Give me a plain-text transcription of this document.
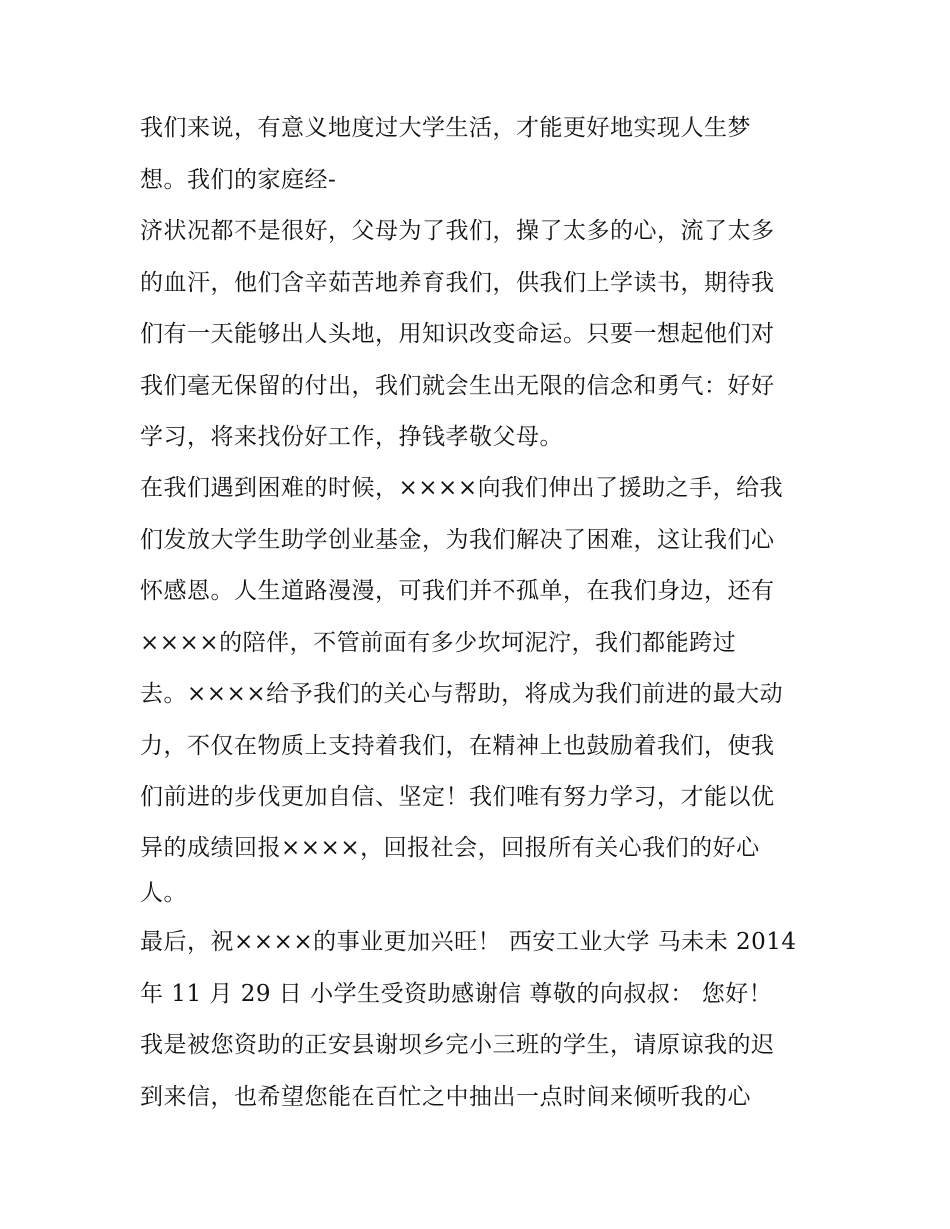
我们来说，有意义地度过大学生活，才能更好地实现人生梦
想。我们的家庭经-
济状况都不是很好，父母为了我们，操了太多的心，流了太多
的血汗，他们含辛茹苦地养育我们，供我们上学读书，期待我
们有一天能够出人头地，用知识改变命运。只要一想起他们对
我们毫无保留的付出，我们就会生出无限的信念和勇气：好好
学习，将来找份好工作，挣钱孝敬父母。
在我们遇到困难的时候，××××向我们伸出了援助之手，给我
们发放大学生助学创业基金，为我们解决了困难，这让我们心
怀感恩。人生道路漫漫，可我们并不孤单，在我们身边，还有
××××的陪伴，不管前面有多少坎坷泥泞，我们都能跨过
去。××××给予我们的关心与帮助，将成为我们前进的最大动
力，不仅在物质上支持着我们，在精神上也鼓励着我们，使我
们前进的步伐更加自信、坚定！我们唯有努力学习，才能以优
异的成绩回报××××，回报社会，回报所有关心我们的好心
人。
最后，祝××××的事业更加兴旺！ 西安工业大学 马未未 2014
年 11 月 29 日 小学生受资助感谢信 尊敬的向叔叔： 您好！
我是被您资助的正安县谢坝乡完小三班的学生，请原谅我的迟
到来信，也希望您能在百忙之中抽出一点时间来倾听我的心
